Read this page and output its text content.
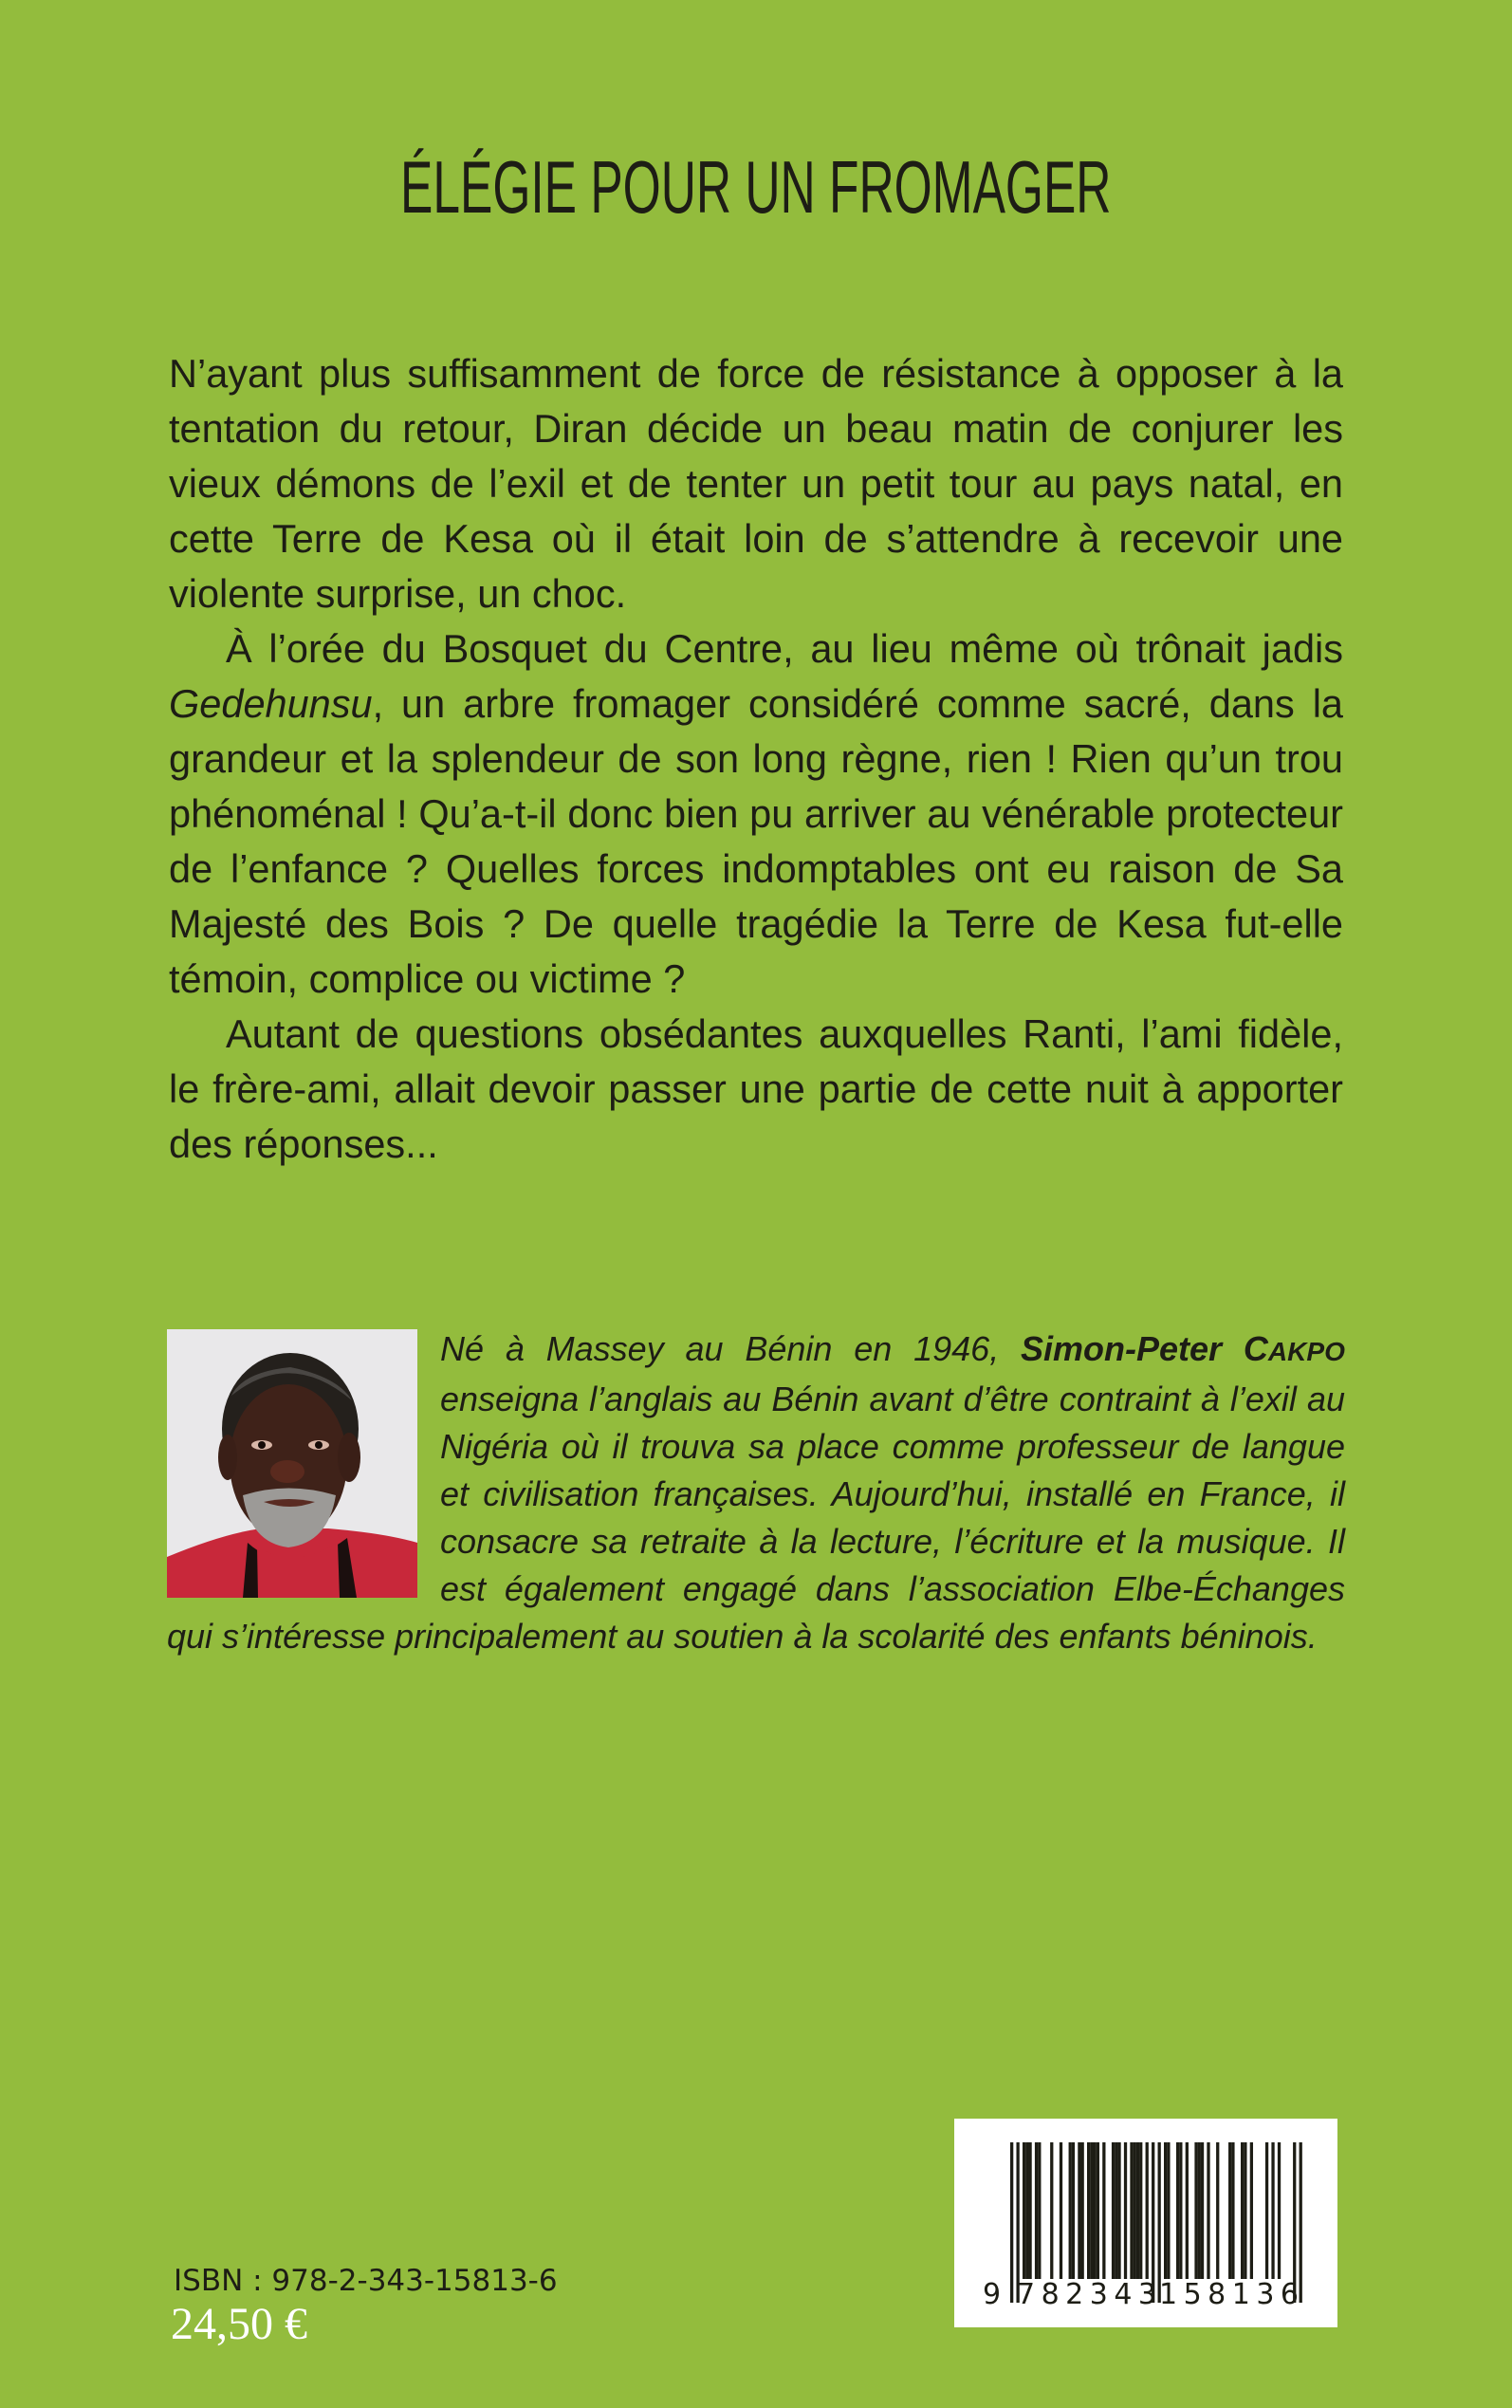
ÉLÉGIE POUR UN FROMAGER

N’ayant plus suffisamment de force de résistance à opposer à la tentation du retour, Diran décide un beau matin de conjurer les vieux démons de l’exil et de tenter un petit tour au pays natal, en cette Terre de Kesa où il était loin de s’attendre à recevoir une violente surprise, un choc.

À l’orée du Bosquet du Centre, au lieu même où trônait jadis Gedehunsu, un arbre fromager considéré comme sacré, dans la grandeur et la splendeur de son long règne, rien ! Rien qu’un trou phénoménal ! Qu’a-t-il donc bien pu arriver au vénérable protecteur de l’enfance ? Quelles forces indomptables ont eu raison de Sa Majesté des Bois ? De quelle tragédie la Terre de Kesa fut-elle témoin, complice ou victime ?

Autant de questions obsédantes auxquelles Ranti, l’ami fidèle, le frère-ami, allait devoir passer une partie de cette nuit à apporter des réponses...

Né à Massey au Bénin en 1946, Simon-Peter CAKPO enseigna l’anglais au Bénin avant d’être contraint à l’exil au Nigéria où il trouva sa place comme professeur de langue et civilisation françaises. Aujourd’hui, installé en France, il consacre sa retraite à la lecture, l’écriture et la musique. Il est également engagé dans l’association Elbe-Échanges qui s’intéresse principalement au soutien à la scolarité des enfants béninois.

ISBN : 978-2-343-15813-6
24,50 €
9 782343
158136
